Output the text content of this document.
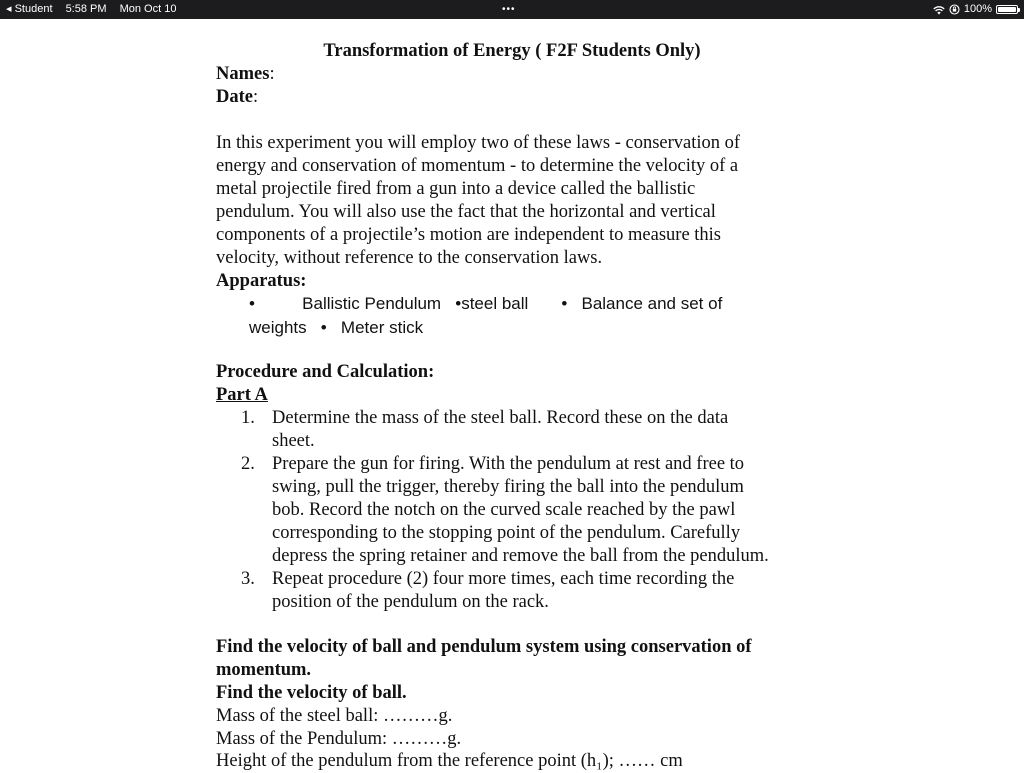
◂ Student 5:58 PM Mon Oct 10	•••	100%
Transformation of Energy ( F2F Students Only)
Names:
Date:
In this experiment you will employ two of these laws - conservation of
energy and conservation of momentum - to determine the velocity of a
metal projectile fired from a gun into a device called the ballistic
pendulum. You will also use the fact that the horizontal and vertical
components of a projectile’s motion are independent to measure this
velocity, without reference to the conservation laws.
Apparatus:
•          Ballistic Pendulum   •steel ball       •   Balance and set of
weights   •   Meter stick
Procedure and Calculation:
Part A
1. Determine the mass of the steel ball. Record these on the data
sheet.
2. Prepare the gun for firing. With the pendulum at rest and free to
swing, pull the trigger, thereby firing the ball into the pendulum
bob. Record the notch on the curved scale reached by the pawl
corresponding to the stopping point of the pendulum. Carefully
depress the spring retainer and remove the ball from the pendulum.
3. Repeat procedure (2) four more times, each time recording the
position of the pendulum on the rack.
Find the velocity of ball and pendulum system using conservation of
momentum.
Find the velocity of ball.
Mass of the steel ball: ………g.
Mass of the Pendulum: ………g.
Height of the pendulum from the reference point (h₁); …… cm
